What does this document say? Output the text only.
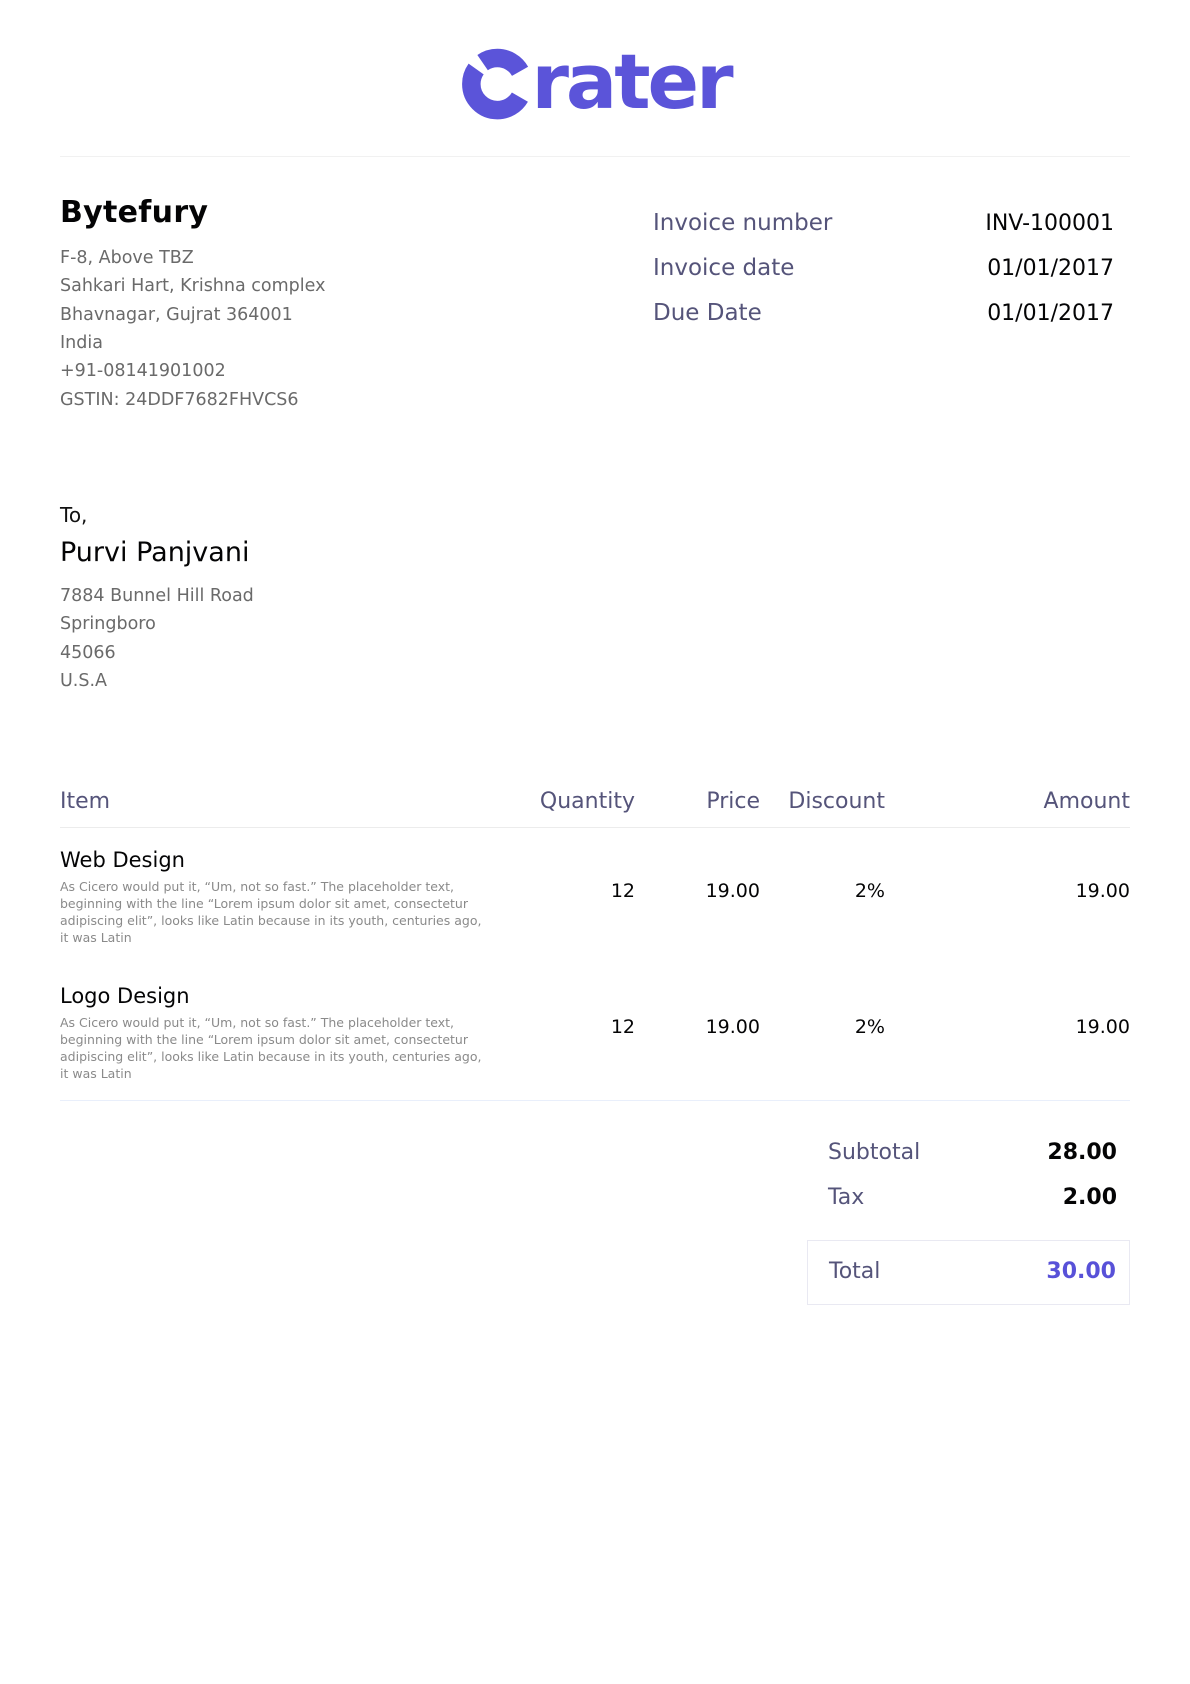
rater
Bytefury
F-8, Above TBZ
Sahkari Hart, Krishna complex
Bhavnagar, Gujrat 364001
India
+91-08141901002
GSTIN: 24DDF7682FHVCS6
Invoice number	INV-100001
Invoice date	01/01/2017
Due Date	01/01/2017
To,
Purvi Panjvani
7884 Bunnel Hill Road
Springboro
45066
U.S.A
Item	Quantity	Price	Discount	Amount
Web Design
As Cicero would put it, “Um, not so fast.” The placeholder text, beginning with the line “Lorem ipsum dolor sit amet, consectetur adipiscing elit”, looks like Latin because in its youth, centuries ago, it was Latin
12	19.00	2%	19.00
Logo Design
As Cicero would put it, “Um, not so fast.” The placeholder text, beginning with the line “Lorem ipsum dolor sit amet, consectetur adipiscing elit”, looks like Latin because in its youth, centuries ago, it was Latin
12	19.00	2%	19.00
Subtotal	28.00
Tax	2.00
Total	30.00
